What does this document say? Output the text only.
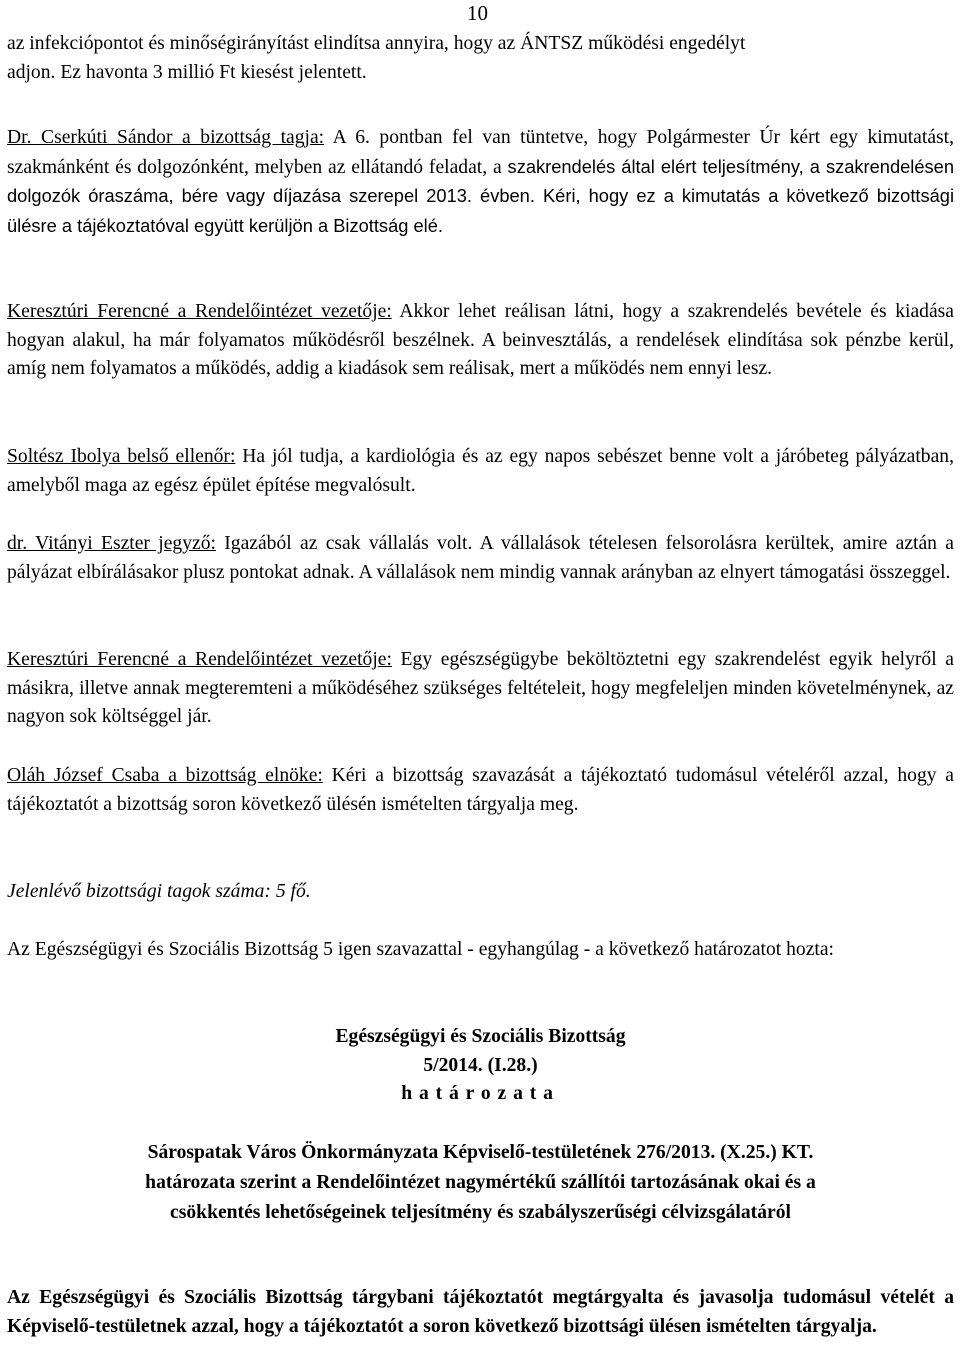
10

az infekciópontot és minőségirányítást elindítsa annyira, hogy az ÁNTSZ működési engedélyt
adjon. Ez havonta 3 millió Ft kiesést jelentett.

Dr. Cserkúti Sándor a bizottság tagja: A 6. pontban fel van tüntetve, hogy Polgármester Úr kért egy kimutatást, szakmánként és dolgozónként, melyben az ellátandó feladat, a szakrendelés által elért teljesítmény, a szakrendelésen dolgozók óraszáma, bére vagy díjazása szerepel 2013. évben. Kéri, hogy ez a kimutatás a következő bizottsági ülésre a tájékoztatóval együtt kerüljön a Bizottság elé.

Keresztúri Ferencné a Rendelőintézet vezetője: Akkor lehet reálisan látni, hogy a szakrendelés bevétele és kiadása hogyan alakul, ha már folyamatos működésről beszélnek. A beinvesztálás, a rendelések elindítása sok pénzbe kerül, amíg nem folyamatos a működés, addig a kiadások sem reálisak, mert a működés nem ennyi lesz.

Soltész Ibolya belső ellenőr: Ha jól tudja, a kardiológia és az egy napos sebészet benne volt a járóbeteg pályázatban, amelyből maga az egész épület építése megvalósult.

dr. Vitányi Eszter jegyző: Igazából az csak vállalás volt. A vállalások tételesen felsorolásra kerültek, amire aztán a pályázat elbírálásakor plusz pontokat adnak. A vállalások nem mindig vannak arányban az elnyert támogatási összeggel.

Keresztúri Ferencné a Rendelőintézet vezetője: Egy egészségügybe beköltöztetni egy szakrendelést egyik helyről a másikra, illetve annak megteremteni a működéséhez szükséges feltételeit, hogy megfeleljen minden követelménynek, az nagyon sok költséggel jár.

Oláh József Csaba a bizottság elnöke: Kéri a bizottság szavazását a tájékoztató tudomásul vételéről azzal, hogy a tájékoztatót a bizottság soron következő ülésén ismételten tárgyalja meg.

Jelenlévő bizottsági tagok száma: 5 fő.

Az Egészségügyi és Szociális Bizottság 5 igen szavazattal - egyhangúlag - a következő határozatot hozta:

Egészségügyi és Szociális Bizottság
5/2014. (I.28.)
határozata
Sárospatak Város Önkormányzata Képviselő-testületének 276/2013. (X.25.) KT.
határozata szerint a Rendelőintézet nagymértékű szállítói tartozásának okai és a
csökkentés lehetőségeinek teljesítmény és szabályszerűségi célvizsgálatáról

Az Egészségügyi és Szociális Bizottság tárgybani tájékoztatót megtárgyalta és javasolja tudomásul vételét a Képviselő-testületnek azzal, hogy a tájékoztatót a soron következő bizottsági ülésen ismételten tárgyalja.
